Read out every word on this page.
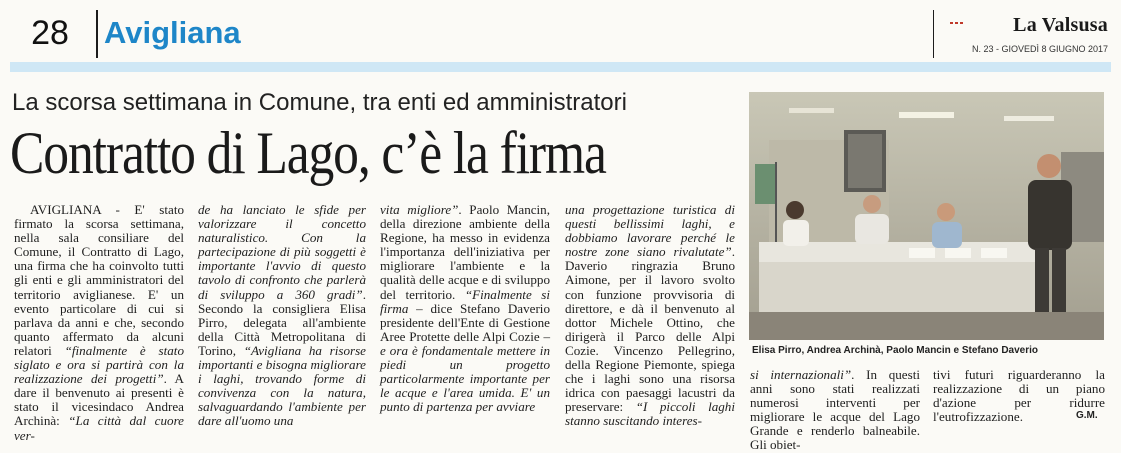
28	Avigliana	La Valsusa
N. 23 - GIOVEDÌ 8 GIUGNO 2017
La scorsa settimana in Comune, tra enti ed amministratori
Contratto di Lago, c’è la firma

AVIGLIANA - E' stato firmato la scorsa settimana, nella sala consiliare del Comune, il Contratto di Lago, una firma che ha coinvolto tutti gli enti e gli amministratori del territorio aviglianese. E' un evento particolare di cui si parlava da anni e che, secondo quanto affermato da alcuni relatori “finalmente è stato siglato e ora si partirà con la realizzazione dei progetti”. A dare il benvenuto ai presenti è stato il vicesindaco Andrea Archinà: “La città dal cuore ver-

de ha lanciato le sfide per valorizzare il concetto naturalistico. Con la partecipazione di più soggetti è importante l'avvio di questo tavolo di confronto che parlerà di sviluppo a 360 gradi”. Secondo la consigliera Elisa Pirro, delegata all'ambiente della Città Metropolitana di Torino, “Avigliana ha risorse importanti e bisogna migliorare i laghi, trovando forme di convivenza con la natura, salvaguardando l'ambiente per dare all'uomo una

vita migliore”. Paolo Mancin, della direzione ambiente della Regione, ha messo in evidenza l'importanza dell'iniziativa per migliorare l'ambiente e la qualità delle acque e di sviluppo del territorio. “Finalmente si firma – dice Stefano Daverio presidente dell'Ente di Gestione Aree Protette delle Alpi Cozie – e ora è fondamentale mettere in piedi un progetto particolarmente importante per le acque e l'area umida. E' un punto di partenza per avviare

una progettazione turistica di questi bellissimi laghi, e dobbiamo lavorare perché le nostre zone siano rivalutate”. Daverio ringrazia Bruno Aimone, per il lavoro svolto con funzione provvisoria di direttore, e dà il benvenuto al dottor Michele Ottino, che dirigerà il Parco delle Alpi Cozie. Vincenzo Pellegrino, della Regione Piemonte, spiega che i laghi sono una risorsa idrica con paesaggi lacustri da preservare: “I piccoli laghi stanno suscitando interes-

si internazionali”. In questi anni sono stati realizzati numerosi interventi per migliorare le acque del Lago Grande e renderlo balneabile. Gli obiet-

tivi futuri riguarderanno la realizzazione di un piano d'azione per ridurre l'eutrofizzazione.

Elisa Pirro, Andrea Archinà, Paolo Mancin e Stefano Daverio
G.M.
